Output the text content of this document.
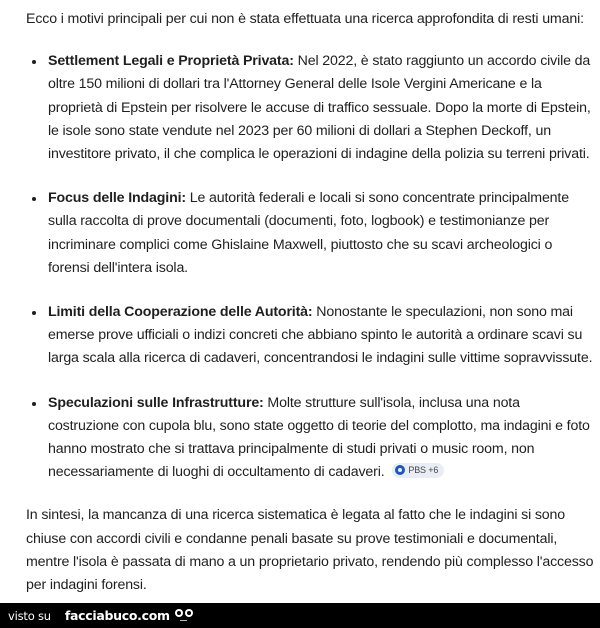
Ecco i motivi principali per cui non è stata effettuata una ricerca approfondita di resti umani:

Settlement Legali e Proprietà Privata: Nel 2022, è stato raggiunto un accordo civile da oltre 150 milioni di dollari tra l'Attorney General delle Isole Vergini Americane e la proprietà di Epstein per risolvere le accuse di traffico sessuale. Dopo la morte di Epstein, le isole sono state vendute nel 2023 per 60 milioni di dollari a Stephen Deckoff, un investitore privato, il che complica le operazioni di indagine della polizia su terreni privati.
Focus delle Indagini: Le autorità federali e locali si sono concentrate principalmente sulla raccolta di prove documentali (documenti, foto, logbook) e testimonianze per incriminare complici come Ghislaine Maxwell, piuttosto che su scavi archeologici o forensi dell'intera isola.
Limiti della Cooperazione delle Autorità: Nonostante le speculazioni, non sono mai emerse prove ufficiali o indizi concreti che abbiano spinto le autorità a ordinare scavi su larga scala alla ricerca di cadaveri, concentrandosi le indagini sulle vittime sopravvissute.
Speculazioni sulle Infrastrutture: Molte strutture sull'isola, inclusa una nota costruzione con cupola blu, sono state oggetto di teorie del complotto, ma indagini e foto hanno mostrato che si trattava principalmente di studi privati o music room, non necessariamente di luoghi di occultamento di cadaveri.	PBS +6

In sintesi, la mancanza di una ricerca sistematica è legata al fatto che le indagini si sono chiuse con accordi civili e condanne penali basate su prove testimoniali e documentali, mentre l'isola è passata di mano a un proprietario privato, rendendo più complesso l'accesso per indagini forensi.

visto su facciabuco.com
